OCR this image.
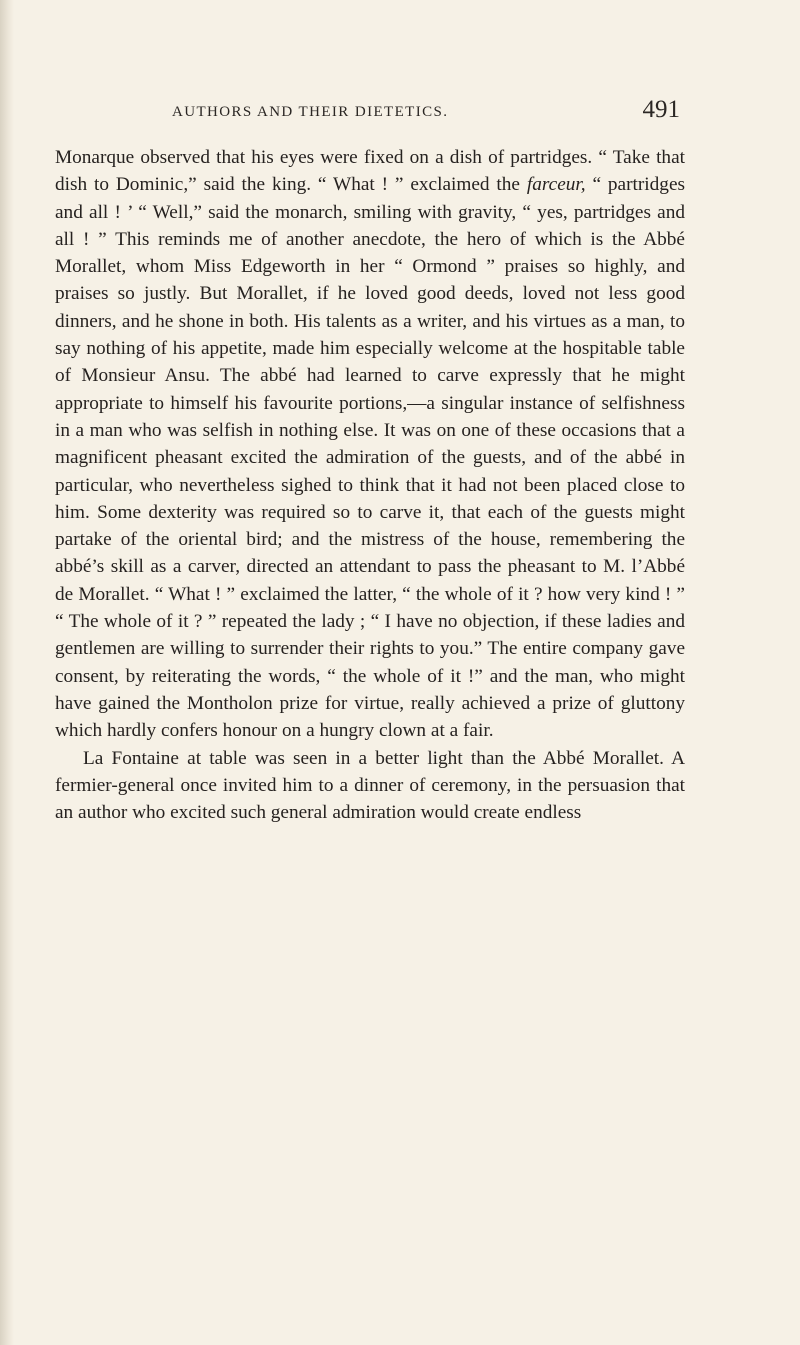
AUTHORS AND THEIR DIETETICS.	491

Monarque observed that his eyes were fixed on a dish of partridges. “ Take that dish to Dominic,” said the king. “ What ! ” exclaimed the farceur, “ partridges and all ! ’ “ Well,” said the monarch, smiling with gravity, “ yes, partridges and all ! ” This reminds me of another anecdote, the hero of which is the Abbé Morallet, whom Miss Edgeworth in her “ Ormond ” praises so highly, and praises so justly. But Morallet, if he loved good deeds, loved not less good dinners, and he shone in both. His talents as a writer, and his virtues as a man, to say nothing of his appetite, made him especially welcome at the hospitable table of Monsieur Ansu. The abbé had learned to carve expressly that he might appropriate to himself his favourite portions,—a singular instance of selfishness in a man who was selfish in nothing else. It was on one of these occasions that a magnificent pheasant excited the admiration of the guests, and of the abbé in particular, who nevertheless sighed to think that it had not been placed close to him. Some dexterity was required so to carve it, that each of the guests might partake of the oriental bird; and the mistress of the house, remembering the abbé’s skill as a carver, directed an attendant to pass the pheasant to M. l’Abbé de Morallet. “ What ! ” exclaimed the latter, “ the whole of it ? how very kind ! ” “ The whole of it ? ” repeated the lady ; “ I have no objection, if these ladies and gentlemen are willing to surrender their rights to you.” The entire company gave consent, by reiterating the words, “ the whole of it !” and the man, who might have gained the Montholon prize for virtue, really achieved a prize of gluttony which hardly confers honour on a hungry clown at a fair.

La Fontaine at table was seen in a better light than the Abbé Morallet. A fermier-general once invited him to a dinner of ceremony, in the persuasion that an author who excited such general admiration would create endless
